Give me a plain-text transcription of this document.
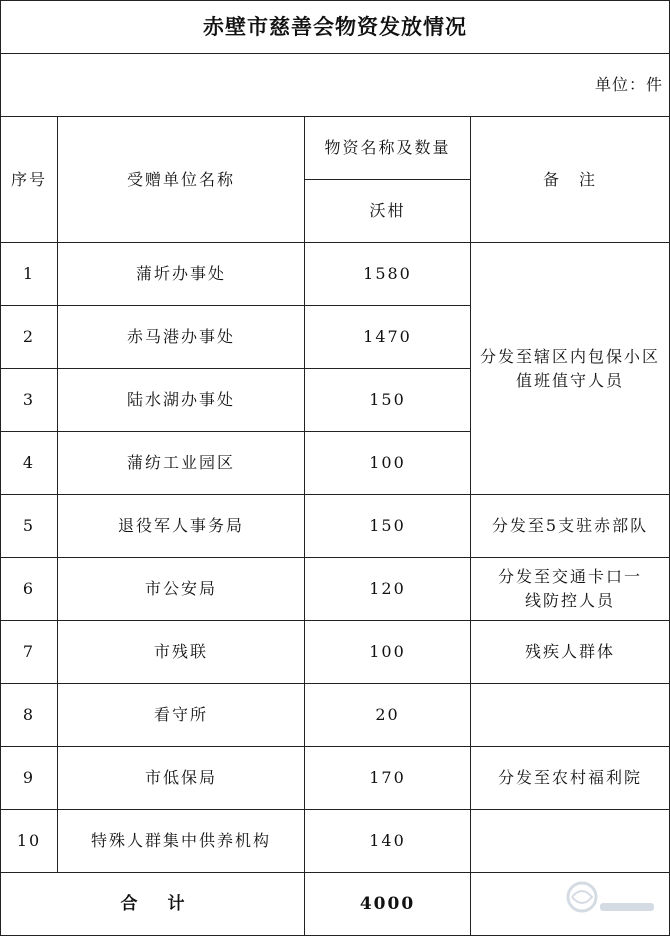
赤壁市慈善会物资发放情况			
单位：件			
序号	受赠单位名称	物资名称及数量	备　注
		沃柑	
1	蒲圻办事处	1580	分发至辖区内包保小区值班值守人员
2	赤马港办事处	1470	
3	陆水湖办事处	150	
4	蒲纺工业园区	100	
5	退役军人事务局	150	分发至5支驻赤部队
6	市公安局	120	分发至交通卡口一线防控人员
7	市残联	100	残疾人群体
8	看守所	20	
9	市低保局	170	分发至农村福利院
10	特殊人群集中供养机构	140	
合计		4000	
